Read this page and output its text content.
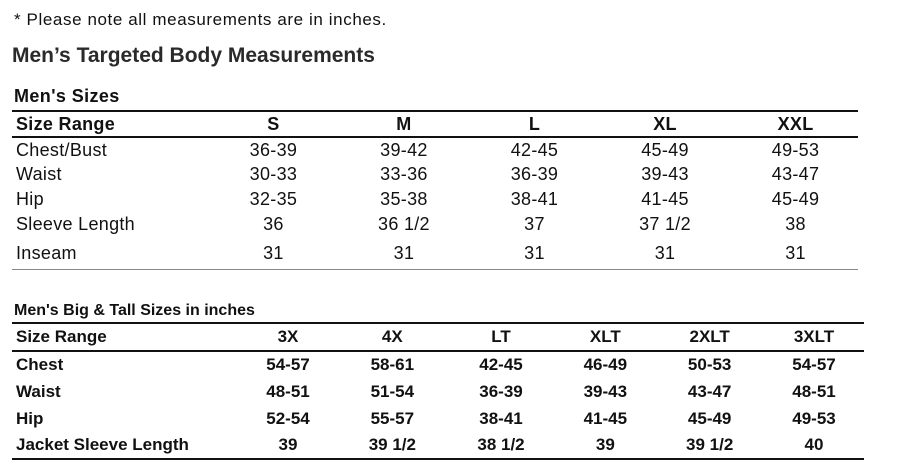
* Please note all measurements are in inches.
Men’s Targeted Body Measurements
Men's Sizes
Size Range	S	M	L	XL	XXL
Chest/Bust	36-39	39-42	42-45	45-49	49-53
Waist	30-33	33-36	36-39	39-43	43-47
Hip	32-35	35-38	38-41	41-45	45-49
Sleeve Length	36	36 1/2	37	37 1/2	38
Inseam	31	31	31	31	31
Men's Big & Tall Sizes in inches
Size Range	3X	4X	LT	XLT	2XLT	3XLT
Chest	54-57	58-61	42-45	46-49	50-53	54-57
Waist	48-51	51-54	36-39	39-43	43-47	48-51
Hip	52-54	55-57	38-41	41-45	45-49	49-53
Jacket Sleeve Length	39	39 1/2	38 1/2	39	39 1/2	40
